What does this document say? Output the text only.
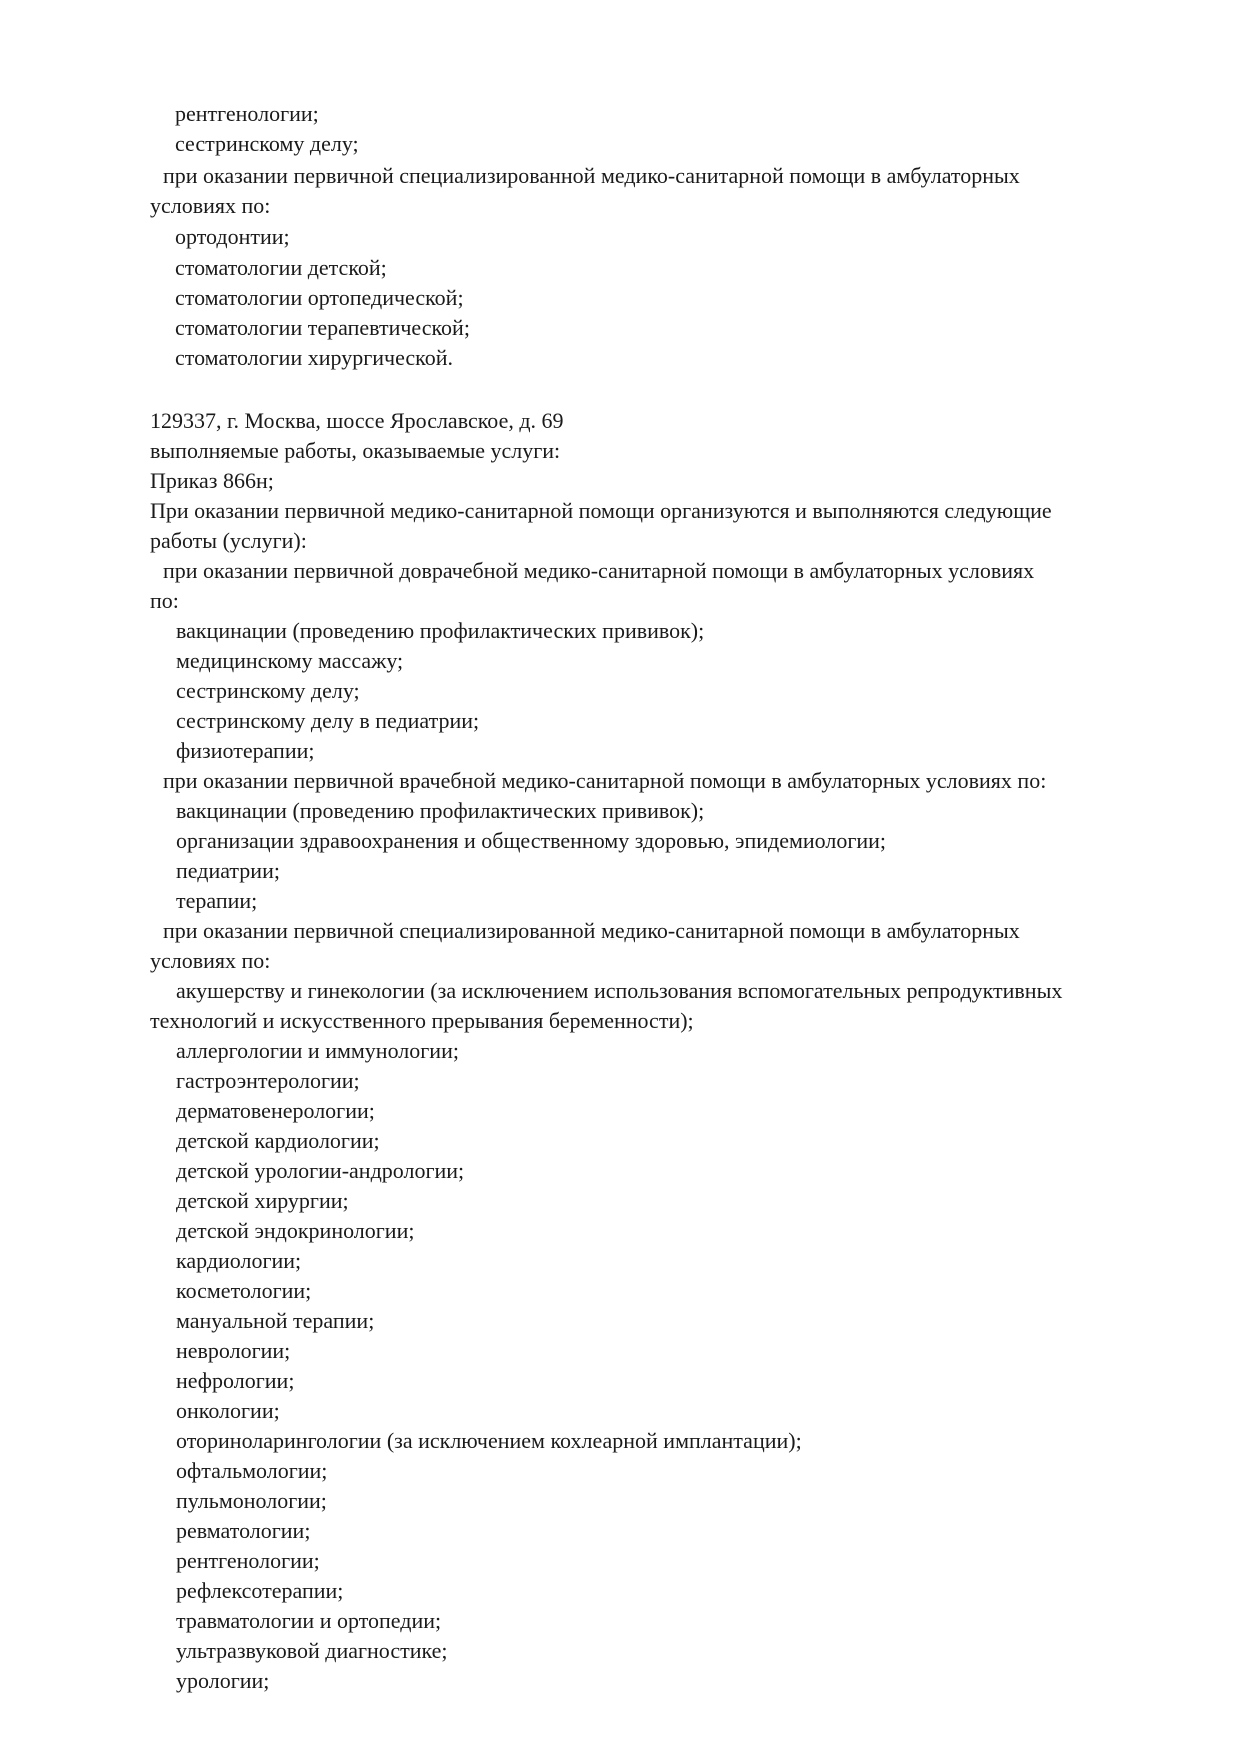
рентгенологии;
сестринскому делу;
при оказании первичной специализированной медико-санитарной помощи в амбулаторных
условиях по:
ортодонтии;
стоматологии детской;
стоматологии ортопедической;
стоматологии терапевтической;
стоматологии хирургической.
129337, г. Москва, шоссе Ярославское, д. 69
выполняемые работы, оказываемые услуги:
Приказ 866н;
При оказании первичной медико-санитарной помощи организуются и выполняются следующие
работы (услуги):
при оказании первичной доврачебной медико-санитарной помощи в амбулаторных условиях
по:
вакцинации (проведению профилактических прививок);
медицинскому массажу;
сестринскому делу;
сестринскому делу в педиатрии;
физиотерапии;
при оказании первичной врачебной медико-санитарной помощи в амбулаторных условиях по:
вакцинации (проведению профилактических прививок);
организации здравоохранения и общественному здоровью, эпидемиологии;
педиатрии;
терапии;
при оказании первичной специализированной медико-санитарной помощи в амбулаторных
условиях по:
акушерству и гинекологии (за исключением использования вспомогательных репродуктивных
технологий и искусственного прерывания беременности);
аллергологии и иммунологии;
гастроэнтерологии;
дерматовенерологии;
детской кардиологии;
детской урологии-андрологии;
детской хирургии;
детской эндокринологии;
кардиологии;
косметологии;
мануальной терапии;
неврологии;
нефрологии;
онкологии;
оториноларингологии (за исключением кохлеарной имплантации);
офтальмологии;
пульмонологии;
ревматологии;
рентгенологии;
рефлексотерапии;
травматологии и ортопедии;
ультразвуковой диагностике;
урологии;
